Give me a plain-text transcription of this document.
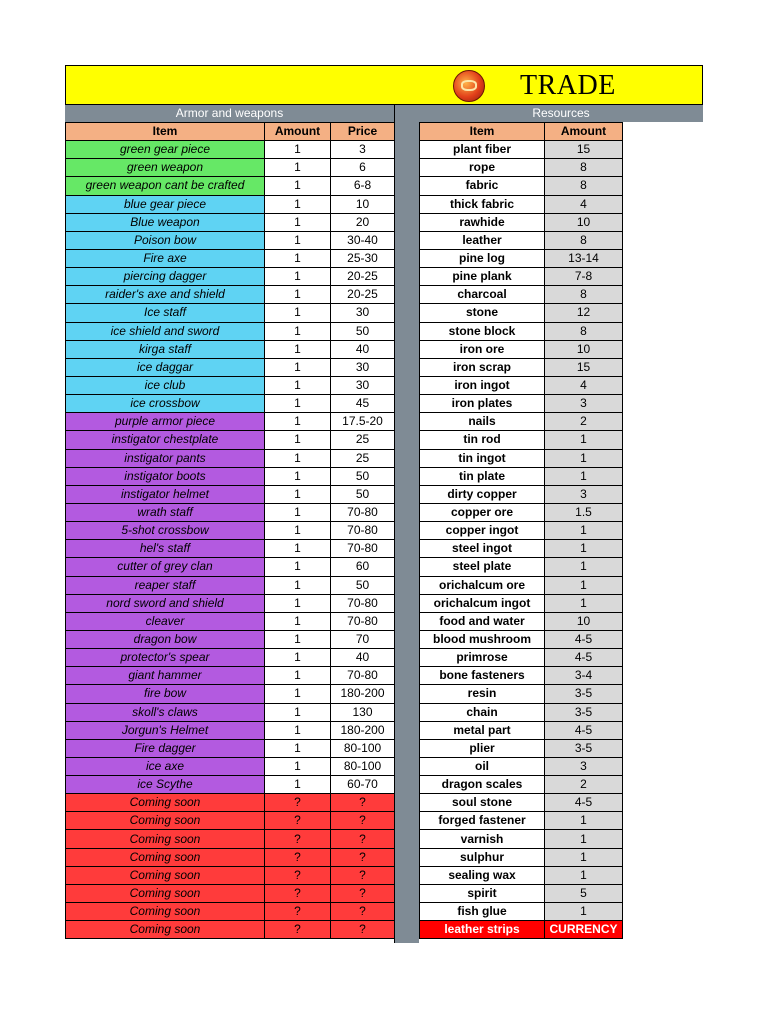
TRADE
Armor and weapons	Resources
Item	Amount	Price
green gear piece	1	3
green weapon	1	6
green weapon cant be crafted	1	6-8
blue gear piece	1	10
Blue weapon	1	20
Poison bow	1	30-40
Fire axe	1	25-30
piercing dagger	1	20-25
raider's axe and shield	1	20-25
Ice staff	1	30
ice shield and sword	1	50
kirga staff	1	40
ice daggar	1	30
ice club	1	30
ice crossbow	1	45
purple armor piece	1	17.5-20
instigator chestplate	1	25
instigator pants	1	25
instigator boots	1	50
instigator helmet	1	50
wrath staff	1	70-80
5-shot crossbow	1	70-80
hel's staff	1	70-80
cutter of grey clan	1	60
reaper staff	1	50
nord sword and shield	1	70-80
cleaver	1	70-80
dragon bow	1	70
protector's spear	1	40
giant hammer	1	70-80
fire bow	1	180-200
skoll's claws	1	130
Jorgun's Helmet	1	180-200
Fire dagger	1	80-100
ice axe	1	80-100
ice Scythe	1	60-70
Coming soon	?	?
Coming soon	?	?
Coming soon	?	?
Coming soon	?	?
Coming soon	?	?
Coming soon	?	?
Coming soon	?	?
Coming soon	?	?
Item	Amount
plant fiber	15
rope	8
fabric	8
thick fabric	4
rawhide	10
leather	8
pine log	13-14
pine plank	7-8
charcoal	8
stone	12
stone block	8
iron ore	10
iron scrap	15
iron ingot	4
iron plates	3
nails	2
tin rod	1
tin ingot	1
tin plate	1
dirty copper	3
copper ore	1.5
copper ingot	1
steel ingot	1
steel plate	1
orichalcum ore	1
orichalcum ingot	1
food and water	10
blood mushroom	4-5
primrose	4-5
bone fasteners	3-4
resin	3-5
chain	3-5
metal part	4-5
plier	3-5
oil	3
dragon scales	2
soul stone	4-5
forged fastener	1
varnish	1
sulphur	1
sealing wax	1
spirit	5
fish glue	1
leather strips	CURRENCY
